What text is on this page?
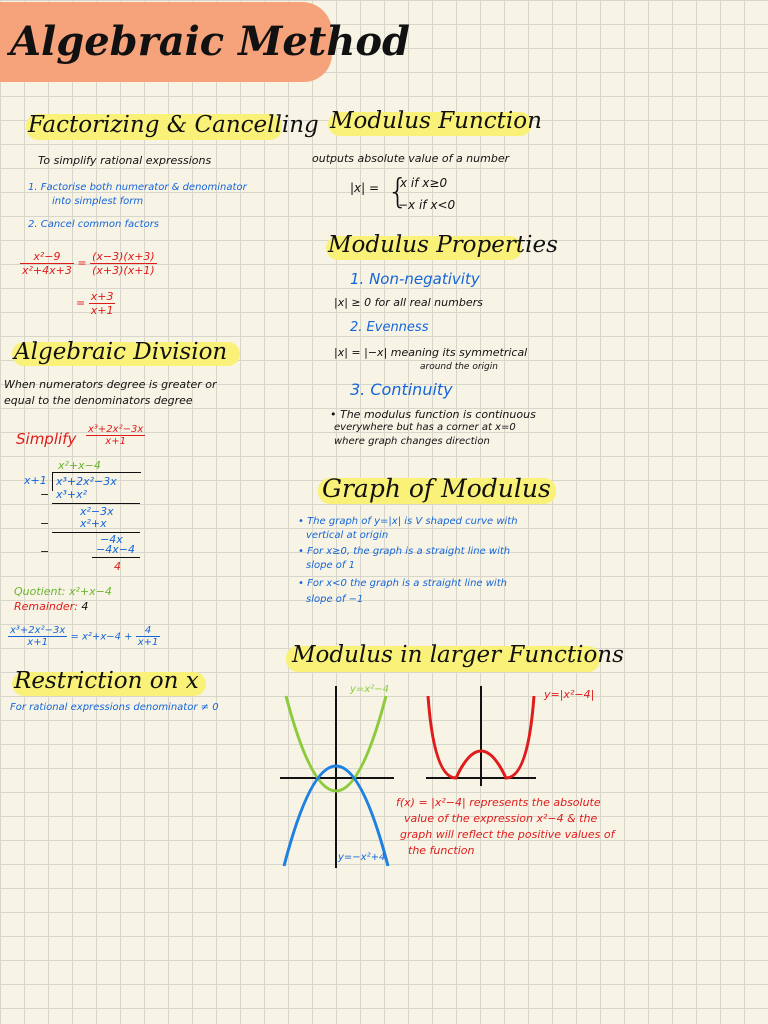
Algebraic Method
Factorizing & Cancelling
To simplify rational expressions
1. Factorise both numerator & denominator
into simplest form
2. Cancel common factors
$\frac{\text{x²−9}}{\text{x²+4x+3}} = \frac{(x-3)(x+3)}{(x+3)(x+1)}$
= $\frac{x+3}{x+1}$
Algebraic Division
When numerators degree is greater or
equal to the denominators degree
Simplify $\frac{\text{x³+2x²−3x}}{x+1}$
x²+x−4
x+1 x³+2x²−3x
− x³+x²
x²−3x
−	x²+x
−4x
−	−4x−4
4
Quotient: x²+x−4
Remainder: 4
$\frac{\text{x³+2x²−3x}}{x+1} = x^2+x-4 + \frac{4}{x+1}$
Restriction on x
For rational expressions denominator ≠ 0
Modulus Function
outputs absolute value of a number
|x| = {
x if x≥0
−x if x<0
Modulus Properties
1. Non-negativity
|x| ≥ 0 for all real numbers
2. Evenness
|x| = |−x| meaning its symmetrical
around the origin
3. Continuity
• The modulus function is continuous
everywhere but has a corner at x=0
where graph changes direction
Graph of Modulus
• The graph of y=|x| is V shaped curve with
vertical at origin
• For x≥0, the graph is a straight line with
slope of 1
• For x<0 the graph is a straight line with
slope of −1
Modulus in larger Functions
y=x²−4
y=−x²+4
y=|x²−4|
f(x) = |x²−4| represents the absolute
value of the expression x²−4 & the
graph will reflect the positive values of
the function
